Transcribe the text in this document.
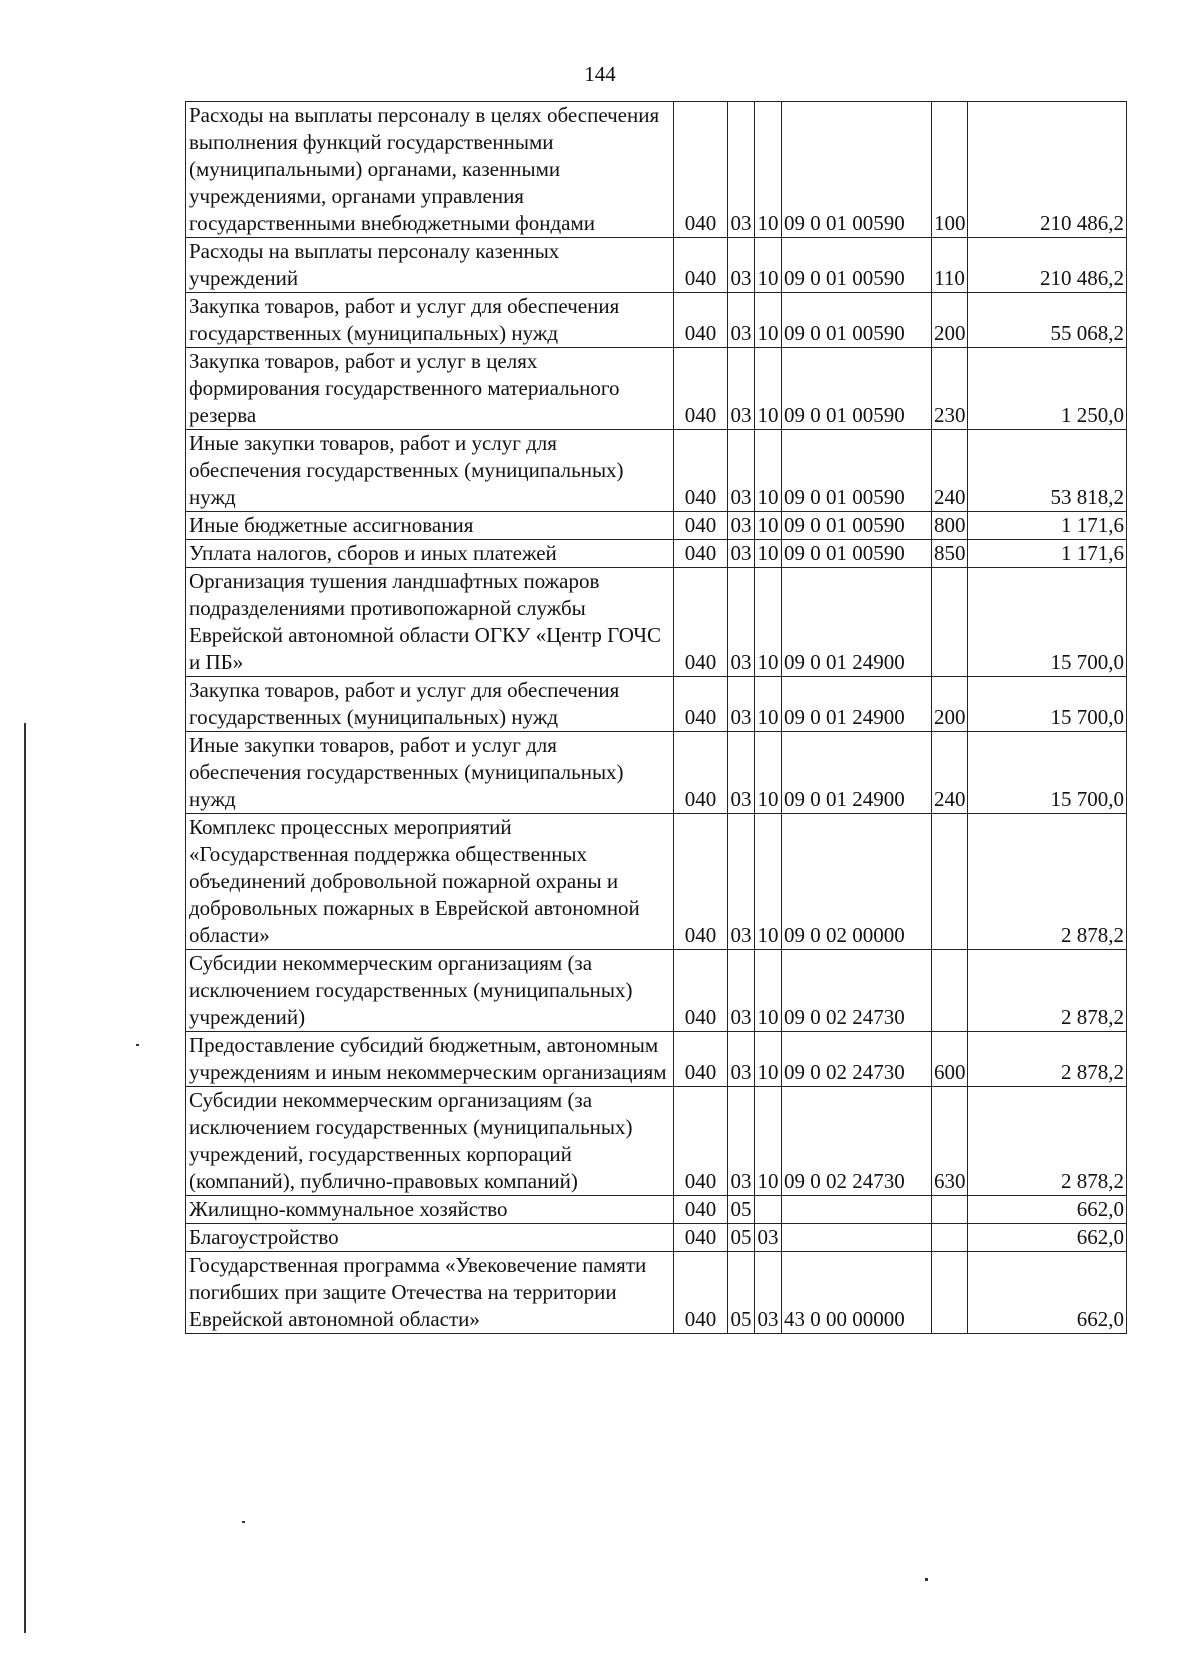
144
Расходы на выплаты персоналу в целях обеспечения выполнения функций государственными (муниципальными) органами, казенными учреждениями, органами управления государственными внебюджетными фондами	040	03	10	09 0 01 00590	100	210 486,2
Расходы на выплаты персоналу казенных учреждений	040	03	10	09 0 01 00590	110	210 486,2
Закупка товаров, работ и услуг для обеспечения государственных (муниципальных) нужд	040	03	10	09 0 01 00590	200	55 068,2
Закупка товаров, работ и услуг в целях формирования государственного материального резерва	040	03	10	09 0 01 00590	230	1 250,0
Иные закупки товаров, работ и услуг для обеспечения государственных (муниципальных) нужд	040	03	10	09 0 01 00590	240	53 818,2
Иные бюджетные ассигнования	040	03	10	09 0 01 00590	800	1 171,6
Уплата налогов, сборов и иных платежей	040	03	10	09 0 01 00590	850	1 171,6
Организация тушения ландшафтных пожаров подразделениями противопожарной службы Еврейской автономной области ОГКУ «Центр ГОЧС и ПБ»	040	03	10	09 0 01 24900		15 700,0
Закупка товаров, работ и услуг для обеспечения государственных (муниципальных) нужд	040	03	10	09 0 01 24900	200	15 700,0
Иные закупки товаров, работ и услуг для обеспечения государственных (муниципальных) нужд	040	03	10	09 0 01 24900	240	15 700,0
Комплекс процессных мероприятий «Государственная поддержка общественных объединений добровольной пожарной охраны и добровольных пожарных в Еврейской автономной области»	040	03	10	09 0 02 00000		2 878,2
Субсидии некоммерческим организациям (за исключением государственных (муниципальных) учреждений)	040	03	10	09 0 02 24730		2 878,2
Предоставление субсидий бюджетным, автономным учреждениям и иным некоммерческим организациям	040	03	10	09 0 02 24730	600	2 878,2
Субсидии некоммерческим организациям (за исключением государственных (муниципальных) учреждений, государственных корпораций (компаний), публично-правовых компаний)	040	03	10	09 0 02 24730	630	2 878,2
Жилищно-коммунальное хозяйство	040	05				662,0
Благоустройство	040	05	03			662,0
Государственная программа «Увековечение памяти погибших при защите Отечества на территории Еврейской автономной области»	040	05	03	43 0 00 00000		662,0
